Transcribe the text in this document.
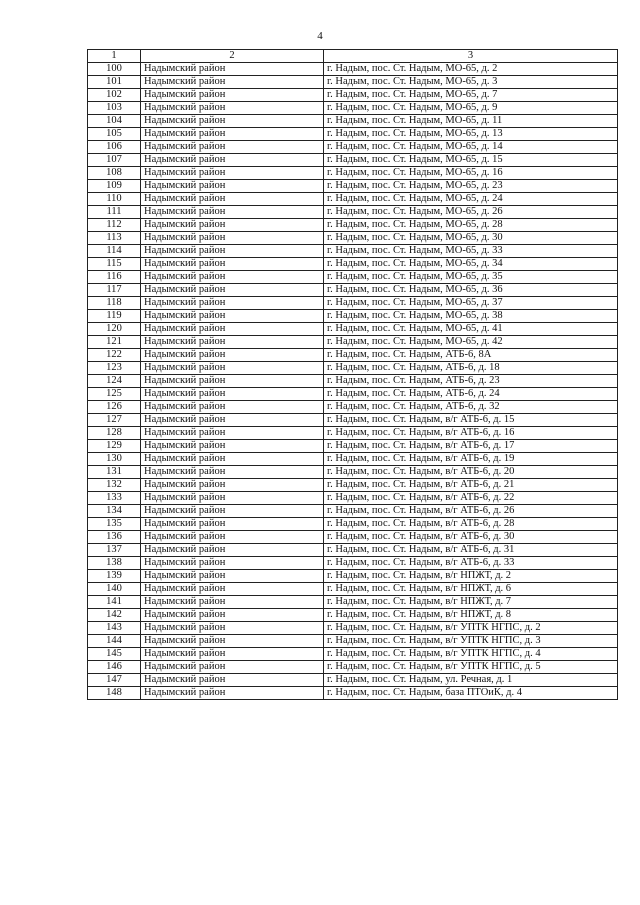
4
1	2	3
100	Надымский район	г. Надым, пос. Ст. Надым, МО-65, д. 2
101	Надымский район	г. Надым, пос. Ст. Надым, МО-65, д. 3
102	Надымский район	г. Надым, пос. Ст. Надым, МО-65, д. 7
103	Надымский район	г. Надым, пос. Ст. Надым, МО-65, д. 9
104	Надымский район	г. Надым, пос. Ст. Надым, МО-65, д. 11
105	Надымский район	г. Надым, пос. Ст. Надым, МО-65, д. 13
106	Надымский район	г. Надым, пос. Ст. Надым, МО-65, д. 14
107	Надымский район	г. Надым, пос. Ст. Надым, МО-65, д. 15
108	Надымский район	г. Надым, пос. Ст. Надым, МО-65, д. 16
109	Надымский район	г. Надым, пос. Ст. Надым, МО-65, д. 23
110	Надымский район	г. Надым, пос. Ст. Надым, МО-65, д. 24
111	Надымский район	г. Надым, пос. Ст. Надым, МО-65, д. 26
112	Надымский район	г. Надым, пос. Ст. Надым, МО-65, д. 28
113	Надымский район	г. Надым, пос. Ст. Надым, МО-65, д. 30
114	Надымский район	г. Надым, пос. Ст. Надым, МО-65, д. 33
115	Надымский район	г. Надым, пос. Ст. Надым, МО-65, д. 34
116	Надымский район	г. Надым, пос. Ст. Надым, МО-65, д. 35
117	Надымский район	г. Надым, пос. Ст. Надым, МО-65, д. 36
118	Надымский район	г. Надым, пос. Ст. Надым, МО-65, д. 37
119	Надымский район	г. Надым, пос. Ст. Надым, МО-65, д. 38
120	Надымский район	г. Надым, пос. Ст. Надым, МО-65, д. 41
121	Надымский район	г. Надым, пос. Ст. Надым, МО-65, д. 42
122	Надымский район	г. Надым, пос. Ст. Надым, АТБ-6, 8А
123	Надымский район	г. Надым, пос. Ст. Надым, АТБ-6, д. 18
124	Надымский район	г. Надым, пос. Ст. Надым, АТБ-6, д. 23
125	Надымский район	г. Надым, пос. Ст. Надым, АТБ-6, д. 24
126	Надымский район	г. Надым, пос. Ст. Надым, АТБ-6, д. 32
127	Надымский район	г. Надым, пос. Ст. Надым, в/г АТБ-6, д. 15
128	Надымский район	г. Надым, пос. Ст. Надым, в/г АТБ-6, д. 16
129	Надымский район	г. Надым, пос. Ст. Надым, в/г АТБ-6, д. 17
130	Надымский район	г. Надым, пос. Ст. Надым, в/г АТБ-6, д. 19
131	Надымский район	г. Надым, пос. Ст. Надым, в/г АТБ-6, д. 20
132	Надымский район	г. Надым, пос. Ст. Надым, в/г АТБ-6, д. 21
133	Надымский район	г. Надым, пос. Ст. Надым, в/г АТБ-6, д. 22
134	Надымский район	г. Надым, пос. Ст. Надым, в/г АТБ-6, д. 26
135	Надымский район	г. Надым, пос. Ст. Надым, в/г АТБ-6, д. 28
136	Надымский район	г. Надым, пос. Ст. Надым, в/г АТБ-6, д. 30
137	Надымский район	г. Надым, пос. Ст. Надым, в/г АТБ-6, д. 31
138	Надымский район	г. Надым, пос. Ст. Надым, в/г АТБ-6, д. 33
139	Надымский район	г. Надым, пос. Ст. Надым, в/г НПЖТ, д. 2
140	Надымский район	г. Надым, пос. Ст. Надым, в/г НПЖТ, д. 6
141	Надымский район	г. Надым, пос. Ст. Надым, в/г НПЖТ, д. 7
142	Надымский район	г. Надым, пос. Ст. Надым, в/г НПЖТ, д. 8
143	Надымский район	г. Надым, пос. Ст. Надым, в/г УПТК НГПС, д. 2
144	Надымский район	г. Надым, пос. Ст. Надым, в/г УПТК НГПС, д. 3
145	Надымский район	г. Надым, пос. Ст. Надым, в/г УПТК НГПС, д. 4
146	Надымский район	г. Надым, пос. Ст. Надым, в/г УПТК НГПС, д. 5
147	Надымский район	г. Надым, пос. Ст. Надым, ул. Речная, д. 1
148	Надымский район	г. Надым, пос. Ст. Надым, база ПТОиК, д. 4
